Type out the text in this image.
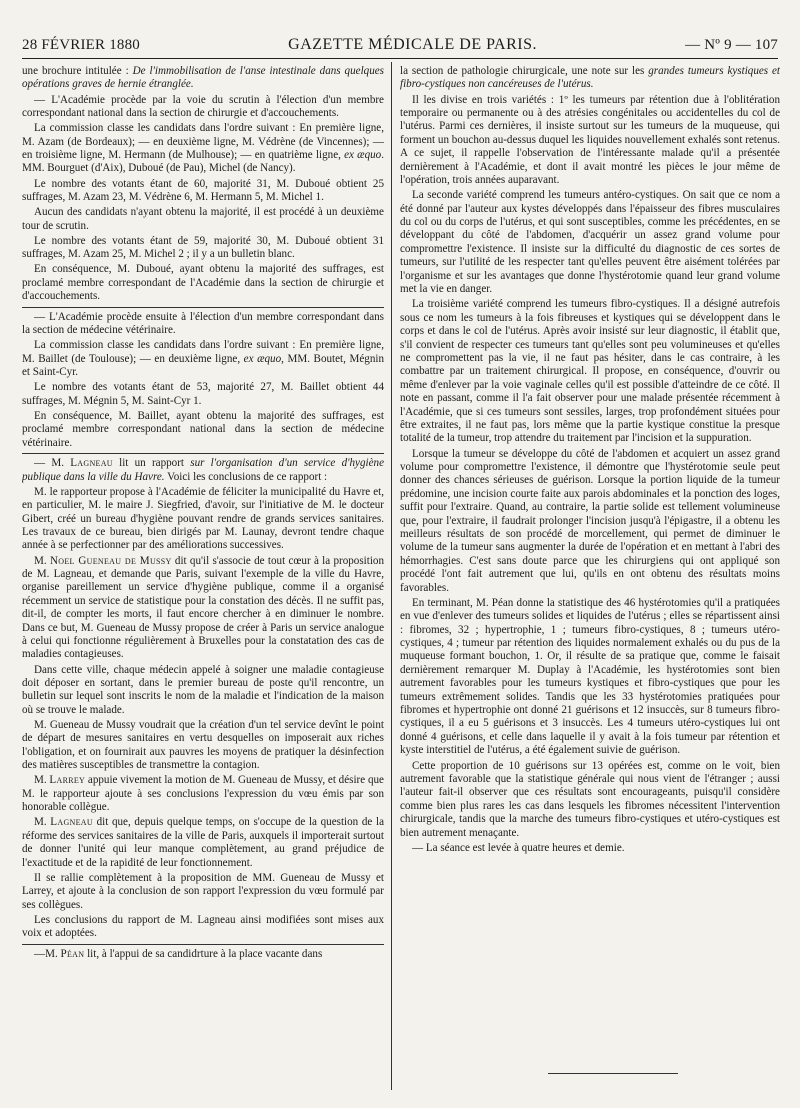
28 FÉVRIER 1880	GAZETTE MÉDICALE DE PARIS.	— Nº 9 — 107

une brochure intitulée : De l'immobilisation de l'anse intestinale dans quelques opérations graves de hernie étranglée.

— L'Académie procède par la voie du scrutin à l'élection d'un membre correspondant national dans la section de chirurgie et d'accouchements.

La commission classe les candidats dans l'ordre suivant : En première ligne, M. Azam (de Bordeaux); — en deuxième ligne, M. Védrène (de Vincennes); — en troisième ligne, M. Hermann (de Mulhouse); — en quatrième ligne, ex æquo. MM. Bourguet (d'Aix), Duboué (de Pau), Michel (de Nancy).

Le nombre des votants étant de 60, majorité 31, M. Duboué obtient 25 suffrages, M. Azam 23, M. Védrène 6, M. Hermann 5, M. Michel 1.

Aucun des candidats n'ayant obtenu la majorité, il est procédé à un deuxième tour de scrutin.

Le nombre des votants étant de 59, majorité 30, M. Duboué obtient 31 suffrages, M. Azam 25, M. Michel 2 ; il y a un bulletin blanc.

En conséquence, M. Duboué, ayant obtenu la majorité des suffrages, est proclamé membre correspondant de l'Académie dans la section de chirurgie et d'accouchements.

— L'Académie procède ensuite à l'élection d'un membre correspondant dans la section de médecine vétérinaire.

La commission classe les candidats dans l'ordre suivant : En première ligne, M. Baillet (de Toulouse); — en deuxième ligne, ex æquo, MM. Boutet, Mégnin et Saint-Cyr.

Le nombre des votants étant de 53, majorité 27, M. Baillet obtient 44 suffrages, M. Mégnin 5, M. Saint-Cyr 1.

En conséquence, M. Baillet, ayant obtenu la majorité des suffrages, est proclamé membre correspondant national dans la section de médecine vétérinaire.

— M. Lagneau lit un rapport sur l'organisation d'un service d'hygiène publique dans la ville du Havre. Voici les conclusions de ce rapport :

M. le rapporteur propose à l'Académie de féliciter la municipalité du Havre et, en particulier, M. le maire J. Siegfried, d'avoir, sur l'initiative de M. le docteur Gibert, créé un bureau d'hygiène pouvant rendre de grands services sanitaires. Les travaux de ce bureau, bien dirigés par M. Launay, devront tendre chaque année à se perfectionner par des améliorations successives.

M. Noel Gueneau de Mussy dit qu'il s'associe de tout cœur à la proposition de M. Lagneau, et demande que Paris, suivant l'exemple de la ville du Havre, organise pareillement un service d'hygiène publique, comme il a organisé récemment un service de statistique pour la constation des décès. Il ne suffit pas, dit-il, de compter les morts, il faut encore chercher à en diminuer le nombre. Dans ce but, M. Gueneau de Mussy propose de créer à Paris un service analogue à celui qui fonctionne régulièrement à Bruxelles pour la constatation des cas de maladies contagieuses.

Dans cette ville, chaque médecin appelé à soigner une maladie contagieuse doit déposer en sortant, dans le premier bureau de poste qu'il rencontre, un bulletin sur lequel sont inscrits le nom de la maladie et l'indication de la maison où se trouve le malade.

M. Gueneau de Mussy voudrait que la création d'un tel service devînt le point de départ de mesures sanitaires en vertu desquelles on imposerait aux riches l'obligation, et on fournirait aux pauvres les moyens de pratiquer la désinfection des matières susceptibles de transmettre la contagion.

M. Larrey appuie vivement la motion de M. Gueneau de Mussy, et désire que M. le rapporteur ajoute à ses conclusions l'expression du vœu émis par son honorable collègue.

M. Lagneau dit que, depuis quelque temps, on s'occupe de la question de la réforme des services sanitaires de la ville de Paris, auxquels il importerait surtout de donner l'unité qui leur manque complètement, au grand préjudice de l'exactitude et de la rapidité de leur fonctionnement.

Il se rallie complètement à la proposition de MM. Gueneau de Mussy et Larrey, et ajoute à la conclusion de son rapport l'expression du vœu formulé par ses collègues.

Les conclusions du rapport de M. Lagneau ainsi modifiées sont mises aux voix et adoptées.

—M. Péan lit, à l'appui de sa candidrture à la place vacante dans

la section de pathologie chirurgicale, une note sur les grandes tumeurs kystiques et fibro-cystiques non cancéreuses de l'utérus.

Il les divise en trois variétés : 1º les tumeurs par rétention due à l'oblitération temporaire ou permanente ou à des atrésies congénitales ou accidentelles du col de l'utérus. Parmi ces dernières, il insiste surtout sur les tumeurs de la muqueuse, qui forment un bouchon au-dessus duquel les liquides nouvellement exhalés sont retenus. A ce sujet, il rappelle l'observation de l'intéressante malade qu'il a présentée dernièrement à l'Académie, et dont il avait montré les pièces le jour même de l'opération, trois années auparavant.

La seconde variété comprend les tumeurs antéro-cystiques. On sait que ce nom a été donné par l'auteur aux kystes développés dans l'épaisseur des fibres musculaires du col ou du corps de l'utérus, et qui sont susceptibles, comme les précédentes, en se développant du côté de l'abdomen, d'acquérir un assez grand volume pour compromettre l'existence. Il insiste sur la difficulté du diagnostic de ces sortes de tumeurs, sur l'utilité de les respecter tant qu'elles peuvent être aisément tolérées par l'organisme et sur les avantages que donne l'hystérotomie quand leur grand volume met la vie en danger.

La troisième variété comprend les tumeurs fibro-cystiques. Il a désigné autrefois sous ce nom les tumeurs à la fois fibreuses et kystiques qui se développent dans le corps et dans le col de l'utérus. Après avoir insisté sur leur diagnostic, il établit que, s'il convient de respecter ces tumeurs tant qu'elles sont peu volumineuses et qu'elles ne compromettent pas la vie, il ne faut pas hésiter, dans le cas contraire, à les combattre par un traitement chirurgical. Il propose, en conséquence, d'ouvrir ou même d'enlever par la voie vaginale celles qu'il est possible d'atteindre de ce côté. Il note en passant, comme il l'a fait observer pour une malade présentée récemment à l'Académie, que si ces tumeurs sont sessiles, larges, trop profondément situées pour être extraites, il ne faut pas, lors même que la partie kystique constitue la presque totalité de la tumeur, trop attendre du traitement par l'incision et la suppuration.

Lorsque la tumeur se développe du côté de l'abdomen et acquiert un assez grand volume pour compromettre l'existence, il démontre que l'hystérotomie seule peut donner des chances sérieuses de guérison. Lorsque la portion liquide de la tumeur prédomine, une incision courte faite aux parois abdominales et la ponction des loges, suffit pour l'extraire. Quand, au contraire, la partie solide est tellement volumineuse que, pour l'extraire, il faudrait prolonger l'incision jusqu'à l'épigastre, il a obtenu les meilleurs résultats de son procédé de morcellement, qui permet de diminuer le volume de la tumeur sans augmenter la durée de l'opération et en mettant à l'abri des hémorrhagies. C'est sans doute parce que les chirurgiens qui ont appliqué son procédé l'ont fait autrement que lui, qu'ils en ont obtenu des résultats moins favorables.

En terminant, M. Péan donne la statistique des 46 hystérotomies qu'il a pratiquées en vue d'enlever des tumeurs solides et liquides de l'utérus ; elles se répartissent ainsi : fibromes, 32 ; hypertrophie, 1 ; tumeurs fibro-cystiques, 8 ; tumeurs utéro-cystiques, 4 ; tumeur par rétention des liquides normalement exhalés ou du pus de la muqueuse formant bouchon, 1. Or, il résulte de sa pratique que, comme le faisait dernièrement remarquer M. Duplay à l'Académie, les hystérotomies sont bien autrement favorables pour les tumeurs kystiques et fibro-cystiques que pour les tumeurs extrêmement solides. Tandis que les 33 hystérotomies pratiquées pour fibromes et hypertrophie ont donné 21 guérisons et 12 insuccès, sur 8 tumeurs fibro-cystiques, il a eu 5 guérisons et 3 insuccès. Les 4 tumeurs utéro-cystiques lui ont donné 4 guérisons, et celle dans laquelle il y avait à la fois tumeur par rétention et kyste interstitiel de l'utérus, a été également suivie de guérison.

Cette proportion de 10 guérisons sur 13 opérées est, comme on le voit, bien autrement favorable que la statistique générale qui nous vient de l'étranger ; aussi l'auteur fait-il observer que ces résultats sont encourageants, puisqu'il considère comme bien plus rares les cas dans lesquels les fibromes nécessitent l'intervention chirurgicale, tandis que la marche des tumeurs fibro-cystiques et utéro-cystiques est bien autrement menaçante.

— La séance est levée à quatre heures et demie.
